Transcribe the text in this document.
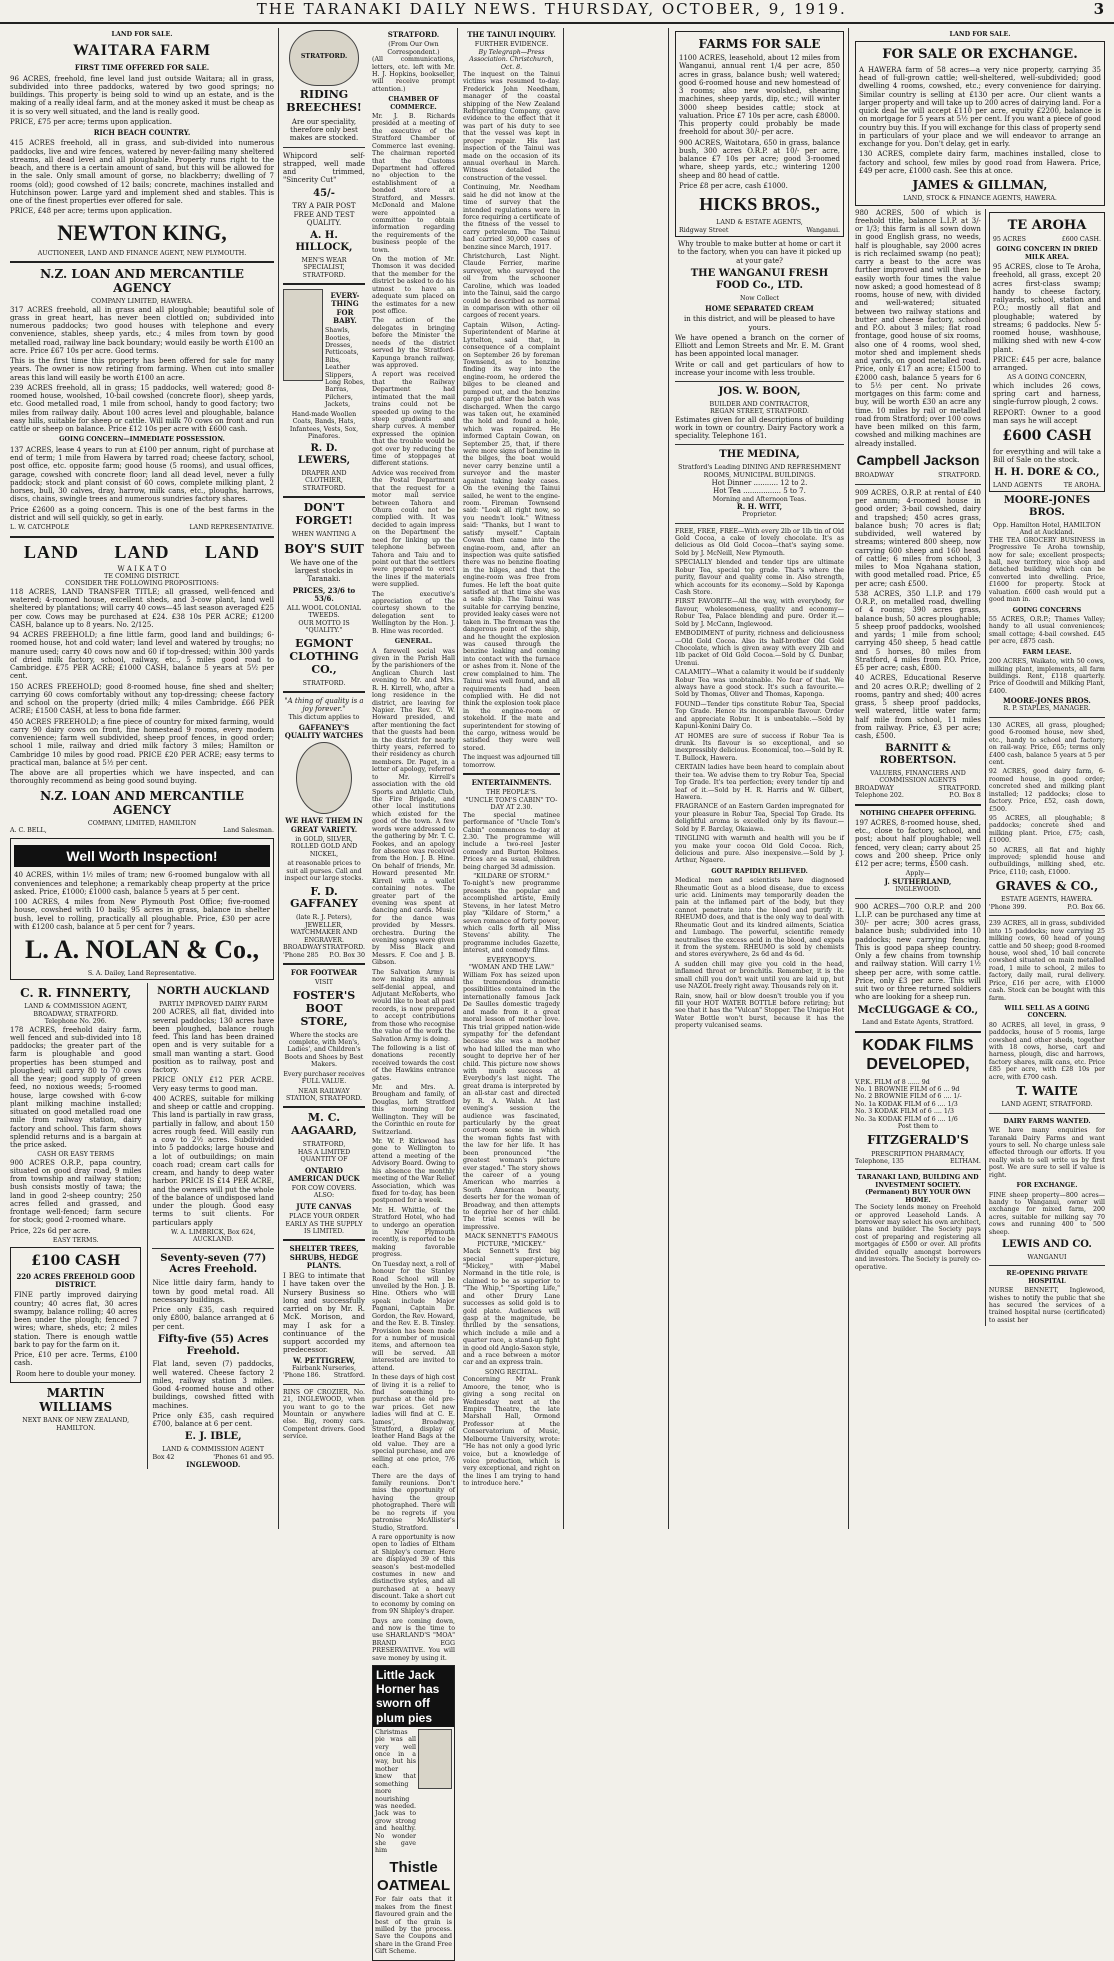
THE TARANAKI DAILY NEWS. THURSDAY, OCTOBER, 9, 1919.	3
LAND FOR SALE.
WAITARA FARM
FIRST TIME OFFERED FOR SALE.

96 ACRES, freehold, fine level land just outside Waitara; all in grass, subdivided into three paddocks, watered by two good springs; no buildings. This property is being sold to wind up an estate, and is the making of a really ideal farm, and at the money asked it must be cheap as it is so very well situated, and the land is really good.

PRICE, £75 per acre; terms upon application.

RICH BEACH COUNTRY.

415 ACRES freehold, all in grass, and sub-divided into numerous paddocks, live and wire fences, watered by never-failing many sheltered streams, all dead level and all ploughable. Property runs right to the beach, and there is a certain amount of sand, but this will be allowed for in the sale. Only small amount of gorse, no blackberry; dwelling of 7 rooms (old); good cowshed of 12 bails; concrete, machines installed and Hutchinson power. Large yard and implement shed and stables. This is one of the finest properties ever offered for sale.

PRICE, £48 per acre; terms upon application.

NEWTON KING,
AUCTIONEER, LAND AND FINANCE AGENT, NEW PLYMOUTH.
N.Z. LOAN AND MERCANTILE AGENCY
COMPANY LIMITED, HAWERA.

317 ACRES freehold, all in grass and all ploughable; beautiful sole of grass in great heart, has never been clottled on; subdivided into numerous paddocks; two good houses with telephone and every convenience, stables, sheep yards, etc.; 4 miles from town by good metalled road, railway line back boundary; would easily be worth £100 an acre. Price £67 10s per acre. Good terms.

This is the first time this property has been offered for sale for many years. The owner is now retiring from farming. When cut into smaller areas this land will easily be worth £100 an acre.

239 ACRES freehold, all in grass; 15 paddocks, well watered; good 8-roomed house, woolshed, 10-bail cowshed (concrete floor), sheep yards, etc. Good metalled road, 1 mile from school, handy to good factory; two miles from railway daily. About 100 acres level and ploughable, balance easy hills, suitable for sheep or cattle. Will milk 70 cows on front and run cattle or sheep on balance. Price £12 10s per acre with £600 cash.

GOING CONCERN—IMMEDIATE POSSESSION.

137 ACRES, lease 4 years to run at £100 per annum, right of purchase at end of term; 1 mile from Hawera by tarred road; cheese factory, school, post office, etc. opposite farm; good house (5 rooms), and usual offices, garage, cowshed with concrete floor; land all dead level, never a fully paddock; stock and plant consist of 60 cows, complete milking plant, 2 horses, bull, 30 calves, dray, harrow, milk cans, etc., ploughs, harrows, discs, chains, swingle trees and numerous sundries factory shares.

Price £2600 as a going concern. This is one of the best farms in the district and will sell quickly, so get in early.

L. W. CATCHPOLE	LAND REPRESENTATIVE.
LAND LAND LAND
W A I K A T O
TE COMING DISTRICT.
CONSIDER THE FOLLOWING PROPOSITIONS:

118 ACRES, LAND TRANSFER TITLE; all grassed, well-fenced and watered; 4-roomed house, excellent sheds, and 3-cow plant, land well sheltered by plantations; will carry 40 cows—45 last season averaged £25 per cow. Cows may be purchased at £24. £38 10s PER ACRE; £1200 CASH, balance up to 8 years. No. 2/125.

94 ACRES FREEHOLD; a fine little farm, good land and buildings; 6-roomed house, hot and cold water; land level and watered by troughs; no manure used; carry 40 cows now and 60 if top-dressed; within 300 yards of dried milk factory, school, railway, etc., 5 miles good road to Cambridge. £75 PER ACRE; £1000 CASH, balance 5 years at 5½ per cent.

150 ACRES FREEHOLD; good 8-roomed house, fine shed and shelter; carrying 60 cows comfortably without any top-dressing; cheese factory and school on the property (dried milk; 4 miles Cambridge. £66 PER ACRE; £1500 CASH, at less to bona fide farmer.

450 ACRES FREEHOLD; a fine piece of country for mixed farming, would carry 90 dairy cows on front, fine homestead 9 rooms, every modern convenience; farm well subdivided, sheep proof fences, in good order; school 1 mile, railway and dried milk factory 3 miles; Hamilton or Cambridge 10 miles by good road. PRICE £20 PER ACRE; easy terms to practical man, balance at 5½ per cent.

The above are all properties which we have inspected, and can thoroughly recommend as being good sound buying.

N.Z. LOAN AND MERCANTILE AGENCY
COMPANY, LIMITED, HAMILTON
A. C. BELL,	Land Salesman.
Well Worth Inspection!

40 ACRES, within 1½ miles of tram; new 6-roomed bungalow with all conveniences and telephone; a remarkably cheap property at the price asked. Price, £1000; £1000 cash, balance 5 years at 5 per cent.

100 ACRES, 4 miles from New Plymouth Post Office; five-roomed house, cowshed with 10 bails; 95 acres in grass, balance in shelter bush, level to rolling, practically all ploughable. Price, £30 per acre with £1200 cash, balance at 5 per cent for 7 years.

L. A. NOLAN & Co.,
S. A. Dailey, Land Representative.
C. R. FINNERTY,
LAND & COMMISSION AGENT, BROADWAY, STRATFORD.
Telephone No. 296.

178 ACRES, freehold dairy farm, well fenced and sub-divided into 18 paddocks; the greater part of the farm is ploughable and good properties has been stumped and ploughed; will carry 80 to 70 cows all the year; good supply of green feed, no noxious weeds; 5-roomed house, large cowshed with 6-cow plant milking machine installed; situated on good metalled road one mile from railway station, dairy factory and school. This farm shows splendid returns and is a bargain at the price asked.

CASH OR EASY TERMS

900 ACRES O.R.P., papa country, situated on good dray road, 9 miles from township and railway station; bush consists mostly of tawa; the land in good 2-sheep country; 250 acres felled and grassed, and frontage well-fenced; farm secure for stock; good 2-roomed whare.

Price, 22s 6d per acre.

EASY TERMS.
£100 CASH
220 ACRES FREEHOLD GOOD DISTRICT.

FINE partly improved dairying country; 40 acres flat, 30 acres swampy, balance rolling; 40 acres been under the plough; fenced 7 wires; whare, sheds, etc; 2 miles station. There is enough wattle bark to pay for the farm on it.

Price, £10 per acre. Terms, £100 cash.

Room here to double your money.

MARTIN WILLIAMS
NEXT BANK OF NEW ZEALAND, HAMILTON.
NORTH AUCKLAND
PARTLY IMPROVED DAIRY FARM

200 ACRES, all flat, divided into several paddocks; 130 acres have been ploughed, balance rough feed. This land has been drained open and is very suitable for a small man wanting a start. Good position as to railway, post and factory.

PRICE ONLY £12 PER ACRE. Very easy terms to good man.

400 ACRES, suitable for milking and sheep or cattle and cropping. This land is partially in raw grass, partially in fallow, and about 150 acres rough feed. Will easily run a cow to 2½ acres. Subdivided into 5 paddocks; large house and a lot of outbuildings; on main coach road; cream cart calls for cream, and handy to deep water harbor. PRICE IS £14 PER ACRE, and the owners will put the whole of the balance of undisposed land under the plough. Good easy terms to suit clients. For particulars apply

W. A. LIMBRICK, Box 624, AUCKLAND.
Seventy-seven (77) Acres Freehold.

Nice little dairy farm, handy to town by good metal road. All necessary buildings.

Price only £35, cash required only £800, balance arranged at 6 per cent.

Fifty-five (55) Acres Freehold.

Flat land, seven (7) paddocks, well watered. Cheese factory 2 miles, railway station 3 miles. Good 4-roomed house and other buildings, cowshed fitted with machines.

Price only £35, cash required £700, balance at 6 per cent.

E. J. IBLE,
LAND & COMMISSION AGENT
Box 42	'Phones 61 and 95.
INGLEWOOD.
STRATFORD.
RIDING BREECHES!

Are our speciality, therefore only best makes are stocked.

Whipcord self-strapped, well made and trimmed, "Sincerity Cut"

45/-

TRY A PAIR POST FREE AND TEST QUALITY.

A. H. HILLOCK,
MEN'S WEAR SPECIALIST, STRATFORD.
EVERY-THING FOR BABY.

Shawls, Booties, Dresses, Petticoats, Bibs, Leather Slippers, Long Robes, Barras, Pilchers, Jackets,

Hand-made Woollen Coats, Bands, Hats, Infantees, Vests, Sox, Pinafores.

R. D. LEWERS,
DRAPER AND CLOTHIER, STRATFORD.
DON'T FORGET!
WHEN WANTING A
BOY'S SUIT

We have one of the largest stocks in Taranaki.

PRICES, 23/6 to 53/6.
ALL WOOL COLONIAL TWEEDS.
OUR MOTTO IS "QUALITY."
EGMONT CLOTHING CO.,
STRATFORD.
"A thing of quality is a joy forever."
This dictum applies to
GAFFANEY'S QUALITY WATCHES
WE HAVE THEM IN GREAT VARIETY.

in GOLD, SILVER, ROLLED GOLD AND NICKEL,

at reasonable prices to suit all purses. Call and inspect our large stocks.

F. D. GAFFANEY
(late R. J. Peters), JEWELLER, WATCHMAKER AND ENGRAVER.
BROADWAY STRATFORD.
'Phone 285 P.O. Box 30
FOR FOOTWEAR
VISIT
FOSTER'S BOOT STORE,

Where the stocks are complete, with Men's, Ladies', and Children's Boots and Shoes by Best Makers.

Every purchaser receives FULL VALUE.

NEAR RAILWAY STATION, STRATFORD.
M. C. AAGAARD,
STRATFORD,
HAS A LIMITED QUANTITY OF
ONTARIO AMERICAN DUCK
FOR COW COVERS.
ALSO:
JUTE CANVAS

PLACE YOUR ORDER EARLY AS THE SUPPLY IS LIMITED.

SHELTER TREES, SHRUBS, HEDGE PLANTS.

I BEG to intimate that I have taken over the Nursery Business so long and successfully carried on by Mr. R. McK. Morison, and may I ask for a continuance of the support accorded my predecessor.

W. PETTIGREW,
Fairbank Nurseries,
'Phone 186. Stratford.

RINS OF CROZIER, No. 21, INGLEWOOD, when you want to go to the Mountain or anywhere else. Big, roomy cars. Competent drivers. Good service.

STRATFORD.
(From Our Own Correspondent.)

(All communications, letters, etc. left with Mr. H. J. Hopkins, bookseller, will receive prompt attention.)

CHAMBER OF COMMERCE.

Mr. J. B. Richards presided at a meeting of the executive of the Stratford Chamber of Commerce last evening. The chairman reported that the Customs Department had offered no objection to the establishment of a bonded store at Stratford, and Messrs. McDonald and Malone were appointed a committee to obtain information regarding the requirements of the business people of the town.

On the motion of Mr. Thomson it was decided that the member for the district be asked to do his utmost to have an adequate sum placed on the estimates for a new post office.

The action of the delegates in bringing before the Minister the needs of the district served by the Stratford-Kapunga branch railway, was approved.

A report was received that the Railway Department had intimated that the mail trains could not be speeded up owing to the steep gradients and sharp curves. A member expressed the opinion that the trouble would be got over by reducing the time of stoppages at different stations.

Advice was received from the Postal Department that the request for a motor mail service between Tahora and Ohura could not be complied with. It was decided to again impress on the Department the need for linking up the telephone between Tahora and Taiu and to point out that the settlers were prepared to erect the lines if the materials were supplied.

The executive's appreciation of the courtesy shown to the delegation sent to Wellington by the Hon. J. B. Hine was recorded.

GENERAL.

A farewell social was given in the Parish Hall by the parishioners of the Anglican Church last evening to Mr. and Mrs. R. H. Kirrell, who, after a long residence in the district, are leaving for Napier. The Rev. C. W. Howard presided, and after mentioning the fact that the guests had been in the district for nearly thirty years, referred to their residency as church members. Dr. Paget, in a letter of apology, referred to Mr. Kirrell's association with the old Sports and Athletic Club, the Fire Brigade, and other local institutions which existed for the good of the town. A few words were addressed to the gathering by Mr. T. C. Fookes, and an apology for absence was received from the Hon. J. B. Hine. On behalf of friends, Mr. Howard presented Mr. Kirrell with a wallet containing notes. The greater part of the evening was spent at dancing and cards. Music for the dance was provided by Messrs. orchestra. During the evening songs were given by Miss Black and Messrs. F. Coe and J. B. Gibson.

The Salvation Army is now making its annual self-denial appeal, and Adjutant McRoberts, who would like to beat all past records, is now prepared to accept contributions from those who recognise the value of the work the Salvation Army is doing.

The following is a list of donations recently received towards the cost of the Hawkins entrance gates.

Mr. and Mrs. A. Brougham and family, of Douglas, left Stratford this morning for Wellington. They will be the Corinthic en route for Switzerland.

Mr. W. P. Kirkwood has gone to Wellington to attend a meeting of the Advisory Board. Owing to his absence the monthly meeting of the War Relief Association, which was fixed for to-day, has been postponed for a week.

Mr. H. Whittle, of the Stratford Hotel, who had to undergo an operation in New Plymouth recently, is reported to be making favorable progress.

On Tuesday next, a roll of honour for the Stanley Road School will be unveiled by the Hon. J. B. Hine. Others who will speak include Major Pagnani, Captain Dr. Gordon, the Rev. Howard, and the Rev. E. B. Tinsley. Provision has been made for a number of musical items, and afternoon tea will be served. All interested are invited to attend.

In these days of high cost of living it is a relief to find something to purchase at the old pre-war prices. Get new ladies will find at C. E. James', Broadway, Stratford, a display of leather Hand Bags at the old value. They are a special purchase, and are selling at one price, 7/6 each.

There are the days of family reunions. Don't miss the opportunity of having the group photographed. There will be no regrets if you patronise McAllister's Studio, Stratford.

A rare opportunity is now open to ladies of Eltham at Shipley's corner. Here are displayed 39 of this season's best-modelled costumes in new and distinctive styles, and all purchased at a heavy discount. Take a short cut to economy by coming on from 9N Shipley's draper.

Days are coming down, and now is the time to use SHARLAND'S "MOA" BRAND EGG PRESERVATIVE. You will save money by using it.

Little Jack Horner has sworn off plum pies

Christmas pie was all very well once in a way, but his mother knew that something more nourishing was needed. Jack was to grow strong and healthy. No wonder she gave him

Thistle OATMEAL

For fair oats that it makes from the finest flavoured grain and the best of the grain is milled by the process. Save the Coupons and share in the Grand Free Gift Scheme.

THE TAINUI INQUIRY.
FURTHER EVIDENCE.
By Telegraph—Press Association. Christchurch, Oct. 8.

The inquest on the Tainui victims was resumed to-day. Frederick John Needham, manager of the coastal shipping of the New Zealand Refrigerating Company, gave evidence to the effect that it was part of his duty to see that the vessel was kept in proper repair. His last inspection of the Tainui was made on the occasion of its annual overhaul in March. Witness detailed the construction of the vessel.

Continuing, Mr. Needham said he did not know at the time of survey that the intended regulations were in force requiring a certificate of the fitness of the vessel to carry petroleum. The Tainui had carried 30,000 cases of benzine since March, 1917.

Christchurch, Last Night. Claude Ferrier, marine surveyor, who surveyed the oil from the schooner Caroline, which was loaded into the Tainui, said the cargo could be described as normal in comparison with other oil cargoes of recent years.

Captain Wilson, Acting-Superintendent of Marine at Lyttelton, said that, in consequence of a complaint on September 26 by foreman Townsend, as to benzine finding its way into the engine-room, he ordered the bilges to be cleaned and pumped out, and the benzine cargo put after the batch was discharged. When the cargo was taken out, he examined the hold and found a hole, which was repaired. He informed Captain Cowan, on September 25, that, if there were more signs of benzine in the bilges, the boat would never carry benzine until a surveyor and the master against taking leaky cases. On the evening the Tainui sailed, he went to the engine-room. Fireman Townsend said: "Look all right now, so you needn't look." Witness said: "Thanks, but I want to satisfy myself." Captain Cowan then came into the engine-room, and, after an inspection was quite satisfied there was no benzine floating in the bilges, and that the engine-room was free from fumes. He left the boat quite satisfied at that time she was a safe ship. The Tainui was suitable for carrying benzine, provided leaky cases were not taken in. The fireman was the dangerous point of the ship, and he thought the explosion was caused through the benzine leaking and coming into contact with the furnace or ashes from it. None of the crew complained to him. The Tainui was well found, and all requirements had been complied with. He did not think the explosion took place in the engine-room or stokehold. If the mate and superintendent for stowing of the cargo, witness would be satisfied they were well stored.

The inquest was adjourned till tomorrow.

ENTERTAINMENTS.
THE PEOPLE'S.
"UNCLE TOM'S CABIN" TO-DAY AT 2.30.

The special matinee performance of "Uncle Tom's Cabin" commences to-day at 2.30. The programme will include a two-reel Jester comedy and Burton Holmes. Prices are as usual, children being charged 3d admission.

"KILDARE OF STORM."

To-night's new programme presents the popular and accomplished artiste, Emily Stevens, in her latest Metro play "Kildare of Storm," a seven romance of forty power, which calls forth all Miss Stevens' ability. The programme includes Gazette, interest, and comedy films.

EVERYBODY'S.
"WOMAN AND THE LAW."

William Fox has seized upon the tremendous dramatic possibilities contained in the internationally famous Jack De Saulles domestic tragedy and made from it a great moral lesson of mother love. This trial gripped nation-wide sympathy for the defendant because she was a mother who had killed the man who sought to deprive her of her child. This picture now shows with much success at Everybody's last night. The great drama is interpreted by an all-star cast and directed by R. A. Walsh. At last evening's session the audience was fascinated, particularly by the great court-room scene in which the woman fights fast with the law for her life. It has been pronounced "the greatest woman's picture ever staged." The story shows the career of a young American who marries a South American beauty, deserts her for the woman of Broadway, and then attempts to deprive her of her child. The trial scenes will be impressive.

MACK SENNETT'S FAMOUS PICTURE, "MICKEY."

Mack Sennett's first big special super-picture, "Mickey," with Mabel Normand in the title role, is claimed to be as superior to "The Whip," "Sporting Life," and other Drury Lane successes as solid gold is to gold plate. Audiences will gasp at the magnitude, be thrilled by the sensations, which include a mile and a quarter race, a stand-up fight in good old Anglo-Saxon style, and a race between a motor car and an express train.

SONG RECITAL.

Concerning Mr Frank Amoore, the tenor, who is giving a song recital on Wednesday next at the Empire Theatre, the late Marshall Hall, Ormond Professor at the Conservatorium of Music, Melbourne University, wrote: "He has not only a good lyric voice, but a knowledge of voice production, which is very exceptional, and right on the lines I am trying to hand to introduce here."

FARMS FOR SALE

1100 ACRES, leasehold, about 12 miles from Wanganui, annual rent 1/4 per acre, 850 acres in grass, balance bush; well watered; good 6-roomed house and new homestead of 3 rooms; also new woolshed, shearing machines, sheep yards, dip, etc.; will winter 3000 sheep besides cattle; stock at valuation. Price £7 10s per acre, cash £8000. This property could probably be made freehold for about 30/- per acre.

900 ACRES, Waitotara, 650 in grass, balance bush, 300 acres O.R.P. at 10/- per acre, balance £7 10s per acre; good 3-roomed whare, sheep yards, etc.; wintering 1200 sheep and 80 head of cattle.

Price £8 per acre, cash £1000.

HICKS BROS.,
LAND & ESTATE AGENTS,
Ridgway Street	Wanganui.

Why trouble to make butter at home or cart it to the factory, when you can have it picked up at your gate?

THE WANGANUI FRESH FOOD Co., LTD.
Now Collect
HOME SEPARATED CREAM

in this district, and will be pleased to have yours.

We have opened a branch on the corner of Elliott and Lemon Streets and Mr. E. M. Grant has been appointed local manager.

Write or call and get particulars of how to increase your income with less trouble.

JOS. W. BOON,
BUILDER AND CONTRACTOR,
REGAN STREET, STRATFORD.

Estimates given for all descriptions of building work in town or country. Dairy Factory work a speciality. Telephone 161.

THE MEDINA,
Stratford's Leading DINING AND REFRESHMENT ROOMS, MUNICIPAL BUILDINGS.
Hot Dinner ........... 12 to 2.
Hot Tea ................. 5 to 7.
Morning and Afternoon Teas.
R. H. WITT,
Proprietor.

FREE, FREE, FREE—With every 2lb or 1lb tin of Old Gold Cocoa, a cake of lovely chocolate. It's as delicious as Old Gold Cocoa—that's saying some. Sold by J. McNeill, New Plymouth.

SPECIALLY blended and tender tips are ultimate Robur Tea, special top grade. That's where the purity, flavour and quality come in. Also strength, which accounts for its economy.—Sold by Kaponga Cash Store.

FIRST FAVORITE—All the way, with everybody, for flavour, wholesomeness, quality and economy—Robur Tea, Palace blending and pure. Order it.—Sold by J. McCann, Inglewood.

EMBODIMENT of purity, richness and deliciousness—Old Gold Cocoa. Also its half-brother Old Gold Chocolate, which is given away with every 2lb and 1lb packet of Old Gold Cocoa.—Sold by G. Dunbar, Urenui.

CALAMITY—What a calamity it would be if suddenly Robur Tea was unobtainable. No fear of that. We always have a good stock. It's such a favourite.—Sold by Thomas, Oliver and Thomas, Kaponga.

FOUND—Tender tips constitute Robur Tea, Special Top Grade. Hence its incomparable flavour. Order and appreciate Robur. It is unbeatable.—Sold by Kapuni-Konini Dairy Co.

AT HOMES are sure of success if Robur Tea is drunk. Its flavour is so exceptional, and so inexpressibly delicious. Economical, too.—Sold by R. T. Bullock, Hawera.

CERTAIN ladies have been heard to complain about their tea. We advise them to try Robur Tea, Special Top Grade. It's tea perfection; every tender tip and leaf of it.—Sold by H. R. Harris and W. Gilbert, Hawera.

FRAGRANCE of an Eastern Garden impregnated for your pleasure in Robur Tea, Special Top Grade. Its delightful aroma is excelled only by its flavour.—Sold by F. Barclay, Okaiawa.

TINGLING with warmth and health will you be if you make your cocoa Old Gold Cocoa. Rich, delicious and pure. Also inexpensive.—Sold by J. Arthur, Ngaere.

GOUT RAPIDLY RELIEVED.

Medical men and scientists have diagnosed Rheumatic Gout as a blood disease, due to excess uric acid. Liniments may temporarily deaden the pain at the inflamed part of the body, but they cannot penetrate into the blood and purify it. RHEUMO does, and that is the only way to deal with Rheumatic Gout and its kindred ailments, Sciatica and Lumbago. The powerful, scientific remedy neutralises the excess acid in the blood, and expels it from the system. RHEUMO is sold by chemists and stores everywhere, 2s 6d and 4s 6d.

A sudden chill may give you cold in the head, inflamed throat or bronchitis. Remember, it is the small chill you don't wait until you are laid up, but use NAZOL freely right away. Thousands rely on it.

Rain, snow, hail or blow doesn't trouble you if you fill your HOT WATER BOTTLE before retiring; but see that it has the "Vulcan" Stopper. The Unique Hot Water Bottle won't burst, because it has the property vulcanised seams.

LAND FOR SALE.
FOR SALE OR EXCHANGE.

A HAWERA farm of 58 acres—a very nice property, carrying 35 head of full-grown cattle; well-sheltered, well-subdivided; good dwelling 4 rooms, cowshed, etc.; every convenience for dairying. Similar country is selling at £130 per acre. Our client wants a larger property and will take up to 200 acres of dairying land. For a quick deal he will accept £110 per acre, equity £2200, balance is on mortgage for 5 years at 5½ per cent. If you want a piece of good country buy this. If you will exchange for this class of property send in particulars of your place and we will endeavor to arrange an exchange for you. Don't delay, get in early.

130 ACRES, complete dairy farm, machines installed, close to factory and school, few miles by good road from Hawera. Price, £49 per acre, £1000 cash. See this at once.

JAMES & GILLMAN,
LAND, STOCK & FINANCE AGENTS, HAWERA.

980 ACRES, 500 of which is freehold title, balance L.I.P. at 3/- or 1/3; this farm is all sown down in good English grass, no weeds, half is ploughable, say 2000 acres is rich reclaimed swamp (no peat); carry a beast to the acre was further improved and will then be easily worth four times the value now asked; a good homestead of 8 rooms, house of new, with divided and well-watered; situated between two railway stations and butter and cheese factory, school and P.O. about 3 miles; flat road frontage, good house of six rooms, also one of 4 rooms, wool shed, motor shed and implement sheds and yards, on good metalled road. Price, only £17 an acre; £1500 to £2000 cash, balance 5 years for 6 to 5½ per cent. No private mortgages on this farm: come and buy, will be worth £30 an acre any time. 10 miles by rail or metalled road from Stratford; over 100 cows have been milked on this farm, cowshed and milking machines are already installed.

Campbell Jackson
BROADWAY	STRATFORD.

909 ACRES, O.R.P. at rental of £40 per annum; 4-roomed house in good order; 3-bail cowshed, dairy and trapshed; 450 acres grass, balance bush; 70 acres is flat; subdivided, well watered by streams; wintered 800 sheep, now carrying 600 sheep and 160 head of cattle; 6 miles from school, 3 miles to Moa Ngahana station, with good metalled road. Price, £5 per acre; cash £500.

538 ACRES, 350 L.I.P. and 179 O.R.P., on metalled road, dwelling of 4 rooms; 390 acres grass, balance bush, 50 acres ploughable; 5 sheep proof paddocks, woolshed and yards; 1 mile from school; carrying 450 sheep, 5 head cattle and 5 horses, 80 miles from Stratford, 4 miles from P.O. Price, £5 per acre; cash, £800.

40 ACRES, Educational Reserve and 20 acres O.R.P.; dwelling of 2 rooms, pantry and shed; 400 acres grass, 5 sheep proof paddocks, well watered, little water farm; half mile from school, 11 miles from railway. Price, £3 per acre; cash, £500.

BARNITT & ROBERTSON.
VALUERS, FINANCIERS AND COMMISSION AGENTS
BROADWAY	STRATFORD.
Telephone 202.	P.O. Box 8
NOTHING CHEAPER OFFERING.

197 ACRES, 8-roomed house, shed, etc., close to factory, school, and post; about half ploughable; well fenced, very clean; carry about 25 cows and 200 sheep. Price only £12 per acre; terms, £500 cash.

Apply—
J. SUTHERLAND,
INGLEWOOD.

900 ACRES—700 O.R.P. and 200 L.I.P. can be purchased any time at 30/- per acre; 300 acres grass, balance bush; subdivided into 10 paddocks; new carrying fencing. This is good papa sheep country. Only a few chains from township and railway station. Will carry 1½ sheep per acre, with some cattle. Price, only £3 per acre. This will suit two or three returned soldiers who are looking for a sheep run.

McCLUGGAGE & CO.,
Land and Estate Agents, Stratford.
KODAK FILMS DEVELOPED,
V.P.K. FILM of 8 ...... 9d
No. 1 BROWNIE FILM of 6 ... 9d
No. 2 BROWNIE FILM of 6 .... 1/-
No. 1a KODAK FILM of 6 .... 1/3
No. 3 KODAK FILM of 6 .... 1/3
No. 3a KODAK FILM of 6 .... 1/6
Post them to
FITZGERALD'S
PRESCRIPTION PHARMACY,
Telephone, 135	ELTHAM.
TARANAKI LAND, BUILDING AND INVESTMENT SOCIETY. (Permanent) BUY YOUR OWN HOME.

The Society lends money on Freehold or approved Leasehold Lands. A borrower may select his own architect, plans and builder. The Society pays cost of preparing and registering all mortgages of £500 or over. All profits divided equally amongst borrowers and investors. The Society is purely co-operative.

TE AROHA
95 ACRES	£600 CASH.
GOING CONCERN IN DRIED MILK AREA.

95 ACRES, close to Te Aroha, freehold, all grass, except 20 acres first-class swamp; handy to cheese factory, railyards, school, station and P.O.; mostly all flat and ploughable; watered by streams; 6 paddocks. New 5-roomed house, washhouse, milking shed with new 4-cow plant.

PRICE: £45 per acre, balance arranged.

AS A GOING CONCERN,

which includes 26 cows, spring cart and harness, single-furrow plough, 2 cows.

REPORT: Owner to a good man says he will accept

£600 CASH

for everything and will take a Bill of Sale on the stock.

H. H. DORE & CO.,
LAND AGENTS	TE AROHA.
MOORE-JONES BROS.
Opp. Hamilton Hotel, HAMILTON And at Auckland.

THE TEA GROCERY BUSINESS in Progressive Te Aroha township, now for sale; excellent prospects; hall, new territory, nice shop and detached building which can be converted into dwelling. Price, £1600 for property. Stock at valuation. £600 cash would put a good man in.

GOING CONCERNS

55 ACRES, O.R.P.; Thames Valley; handy to all usual conveniences; small cottage; 4-bail cowshed. £45 per acre, £875 cash.

FARM LEASE.

200 ACRES, Waikato, with 50 cows, milking plant, implements, all farm buildings. Rent, £118 quarterly. Price of Goodwill and Milking Plant, £400.

MOORE-JONES BROS.
R. P. STAPLES, MANAGER.

130 ACRES, all grass, ploughed; good 6-roomed house, new shed, etc., handy to school and factory; on rail-way. Price, £65; terms only £400 cash, balance 5 years at 5 per cent.

92 ACRES, good dairy farm, 6-roomed house, in good order; concreted shed and milking plant installed; 12 paddocks; close to factory. Price, £52, cash down, £500.

95 ACRES, all ploughable; 8 paddocks; concrete shed and milking plant. Price, £75; cash, £1000.

50 ACRES, all flat and highly improved; splendid house and outbuildings, milking shed, etc. Price, £110; cash, £1000.

GRAVES & CO.,
ESTATE AGENTS, HAWERA.
'Phone 399.	P.O. Box 66.

239 ACRES, all in grass, subdivided into 15 paddocks; now carrying 25 milking cows, 60 head of young cattle and 50 sheep; good 8-roomed house, wool shed, 10 bail concrete cowshed situated on main metalled road, 1 mile to school, 2 miles to factory, daily mail, rural delivery. Price, £16 per acre, with £1000 cash. Stock can be bought with this farm.

WILL SELL AS A GOING CONCERN.

80 ACRES, all level, in grass, 9 paddocks, house of 5 rooms, large cowshed and other sheds, together with 18 cows, horse, cart and harness, plough, disc and harrows, factory shares, milk cans, etc. Price £85 per acre, with £28 10s per acre, with £700 cash.

T. WAITE
LAND AGENT, STRATFORD.
DAIRY FARMS WANTED.

WE have many enquiries for Taranaki Dairy Farms and want yours to sell. No charge unless sale effected through our efforts. If you really wish to sell write us by first post. We are sure to sell if value is right.

FOR EXCHANGE.

FINE sheep property—800 acres—handy to Wanganui, owner will exchange for mixed farm, 200 acres, suitable for milking say 70 cows and running 400 to 500 sheep.

LEWIS AND CO.
WANGANUI
RE-OPENING PRIVATE HOSPITAL

NURSE BENNETT, Inglewood, wishes to notify the public that she has secured the services of a trained hospital nurse (certificated) to assist her
